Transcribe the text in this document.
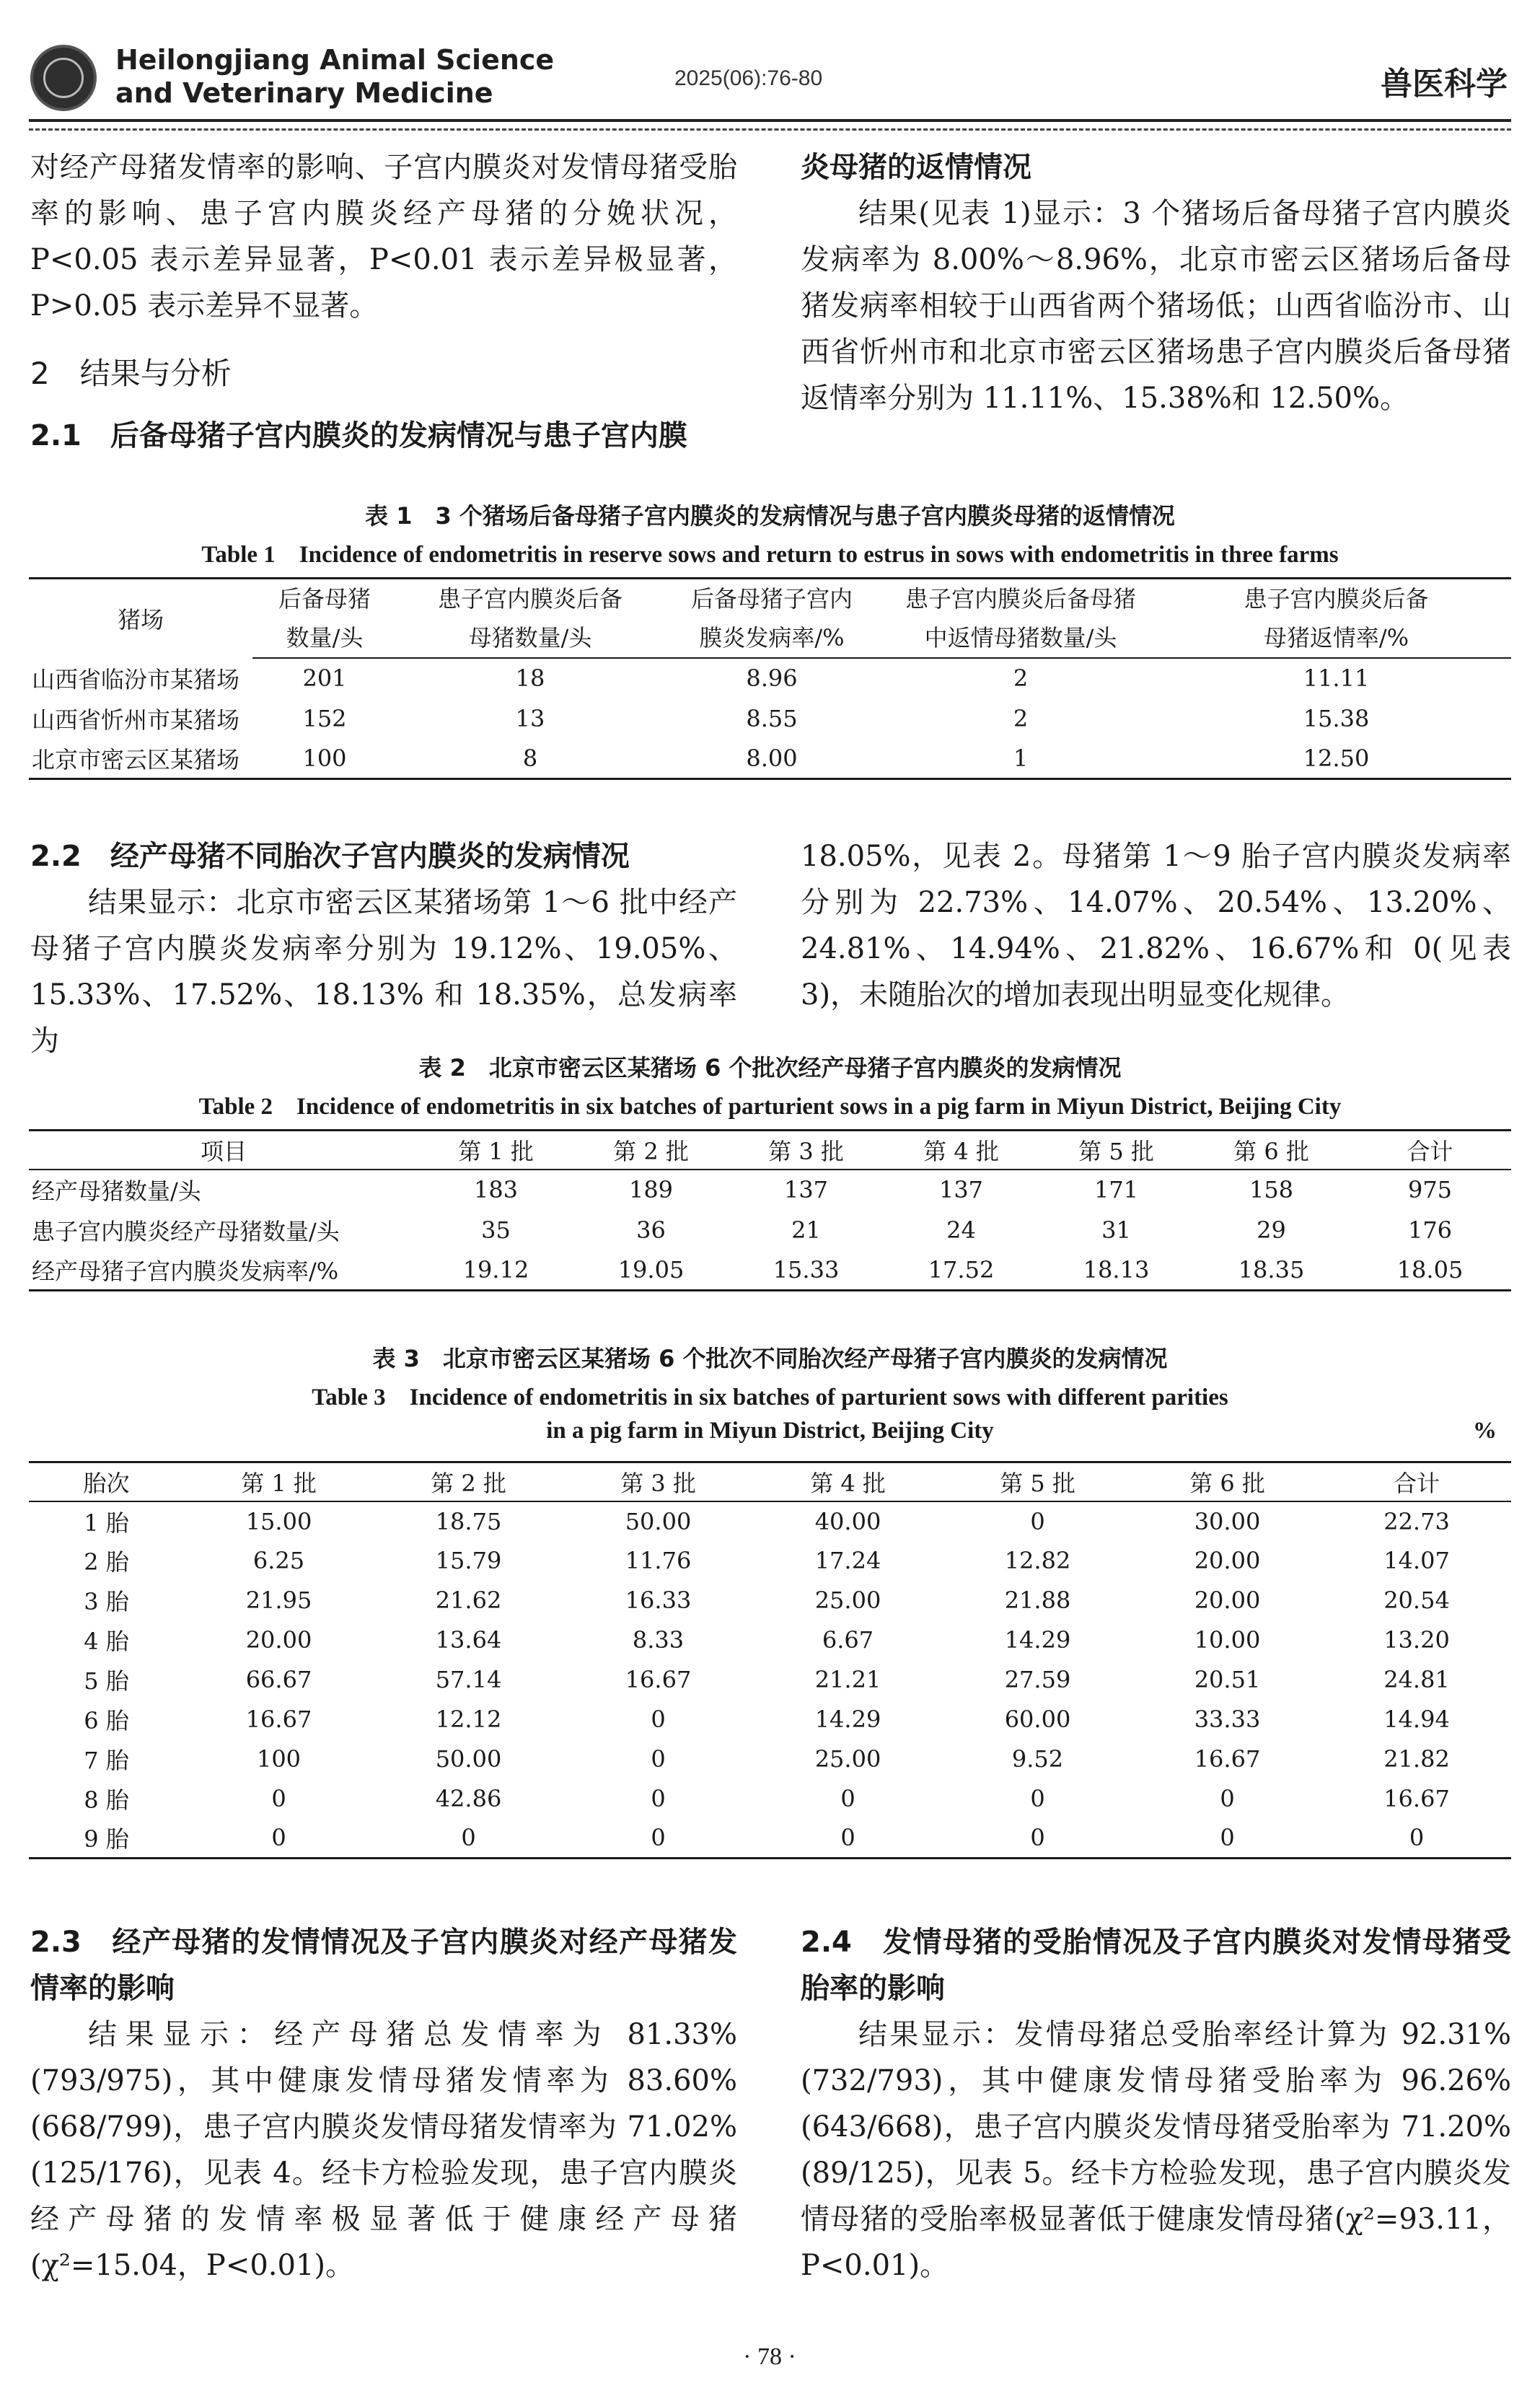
Heilongjiang Animal Science
and Veterinary Medicine	2025(06):76-80	兽医科学

对经产母猪发情率的影响、子宫内膜炎对发情母猪受胎率的影响、患子宫内膜炎经产母猪的分娩状况，P<0.05 表示差异显著，P<0.01 表示差异极显著，P>0.05 表示差异不显著。

2　结果与分析
2.1　后备母猪子宫内膜炎的发病情况与患子宫内膜
炎母猪的返情情况

结果(见表 1)显示：3 个猪场后备母猪子宫内膜炎发病率为 8.00%～8.96%，北京市密云区猪场后备母猪发病率相较于山西省两个猪场低；山西省临汾市、山西省忻州市和北京市密云区猪场患子宫内膜炎后备母猪返情率分别为 11.11%、15.38%和 12.50%。

表 1　3 个猪场后备母猪子宫内膜炎的发病情况与患子宫内膜炎母猪的返情情况
Table 1　Incidence of endometritis in reserve sows and return to estrus in sows with endometritis in three farms
猪场	后备母猪	患子宫内膜炎后备	后备母猪子宫内	患子宫内膜炎后备母猪	患子宫内膜炎后备
	数量/头	母猪数量/头	膜炎发病率/%	中返情母猪数量/头	母猪返情率/%
山西省临汾市某猪场	201	18	8.96	2	11.11
山西省忻州市某猪场	152	13	8.55	2	15.38
北京市密云区某猪场	100	8	8.00	1	12.50
2.2　经产母猪不同胎次子宫内膜炎的发病情况

结果显示：北京市密云区某猪场第 1～6 批中经产母猪子宫内膜炎发病率分别为 19.12%、19.05%、15.33%、17.52%、18.13% 和 18.35%，总发病率为

18.05%，见表 2。母猪第 1～9 胎子宫内膜炎发病率分别为 22.73%、14.07%、20.54%、13.20%、24.81%、14.94%、21.82%、16.67%和 0(见表 3)，未随胎次的增加表现出明显变化规律。

表 2　北京市密云区某猪场 6 个批次经产母猪子宫内膜炎的发病情况
Table 2　Incidence of endometritis in six batches of parturient sows in a pig farm in Miyun District, Beijing City
项目	第 1 批	第 2 批	第 3 批	第 4 批	第 5 批	第 6 批	合计
经产母猪数量/头	183	189	137	137	171	158	975
患子宫内膜炎经产母猪数量/头	35	36	21	24	31	29	176
经产母猪子宫内膜炎发病率/%	19.12	19.05	15.33	17.52	18.13	18.35	18.05
表 3　北京市密云区某猪场 6 个批次不同胎次经产母猪子宫内膜炎的发病情况
Table 3　Incidence of endometritis in six batches of parturient sows with different parities
in a pig farm in Miyun District, Beijing City	%
胎次	第 1 批	第 2 批	第 3 批	第 4 批	第 5 批	第 6 批	合计
1 胎	15.00	18.75	50.00	40.00	0	30.00	22.73
2 胎	6.25	15.79	11.76	17.24	12.82	20.00	14.07
3 胎	21.95	21.62	16.33	25.00	21.88	20.00	20.54
4 胎	20.00	13.64	8.33	6.67	14.29	10.00	13.20
5 胎	66.67	57.14	16.67	21.21	27.59	20.51	24.81
6 胎	16.67	12.12	0	14.29	60.00	33.33	14.94
7 胎	100	50.00	0	25.00	9.52	16.67	21.82
8 胎	0	42.86	0	0	0	0	16.67
9 胎	0	0	0	0	0	0	0
2.3　经产母猪的发情情况及子宫内膜炎对经产母猪发情率的影响

结果显示：经产母猪总发情率为 81.33%(793/975)，其中健康发情母猪发情率为 83.60%(668/799)，患子宫内膜炎发情母猪发情率为 71.02%(125/176)，见表 4。经卡方检验发现，患子宫内膜炎经产母猪的发情率极显著低于健康经产母猪(χ²=15.04，P<0.01)。

2.4　发情母猪的受胎情况及子宫内膜炎对发情母猪受胎率的影响

结果显示：发情母猪总受胎率经计算为 92.31%(732/793)，其中健康发情母猪受胎率为 96.26%(643/668)，患子宫内膜炎发情母猪受胎率为 71.20%(89/125)，见表 5。经卡方检验发现，患子宫内膜炎发情母猪的受胎率极显著低于健康发情母猪(χ²=93.11，P<0.01)。

· 78 ·
